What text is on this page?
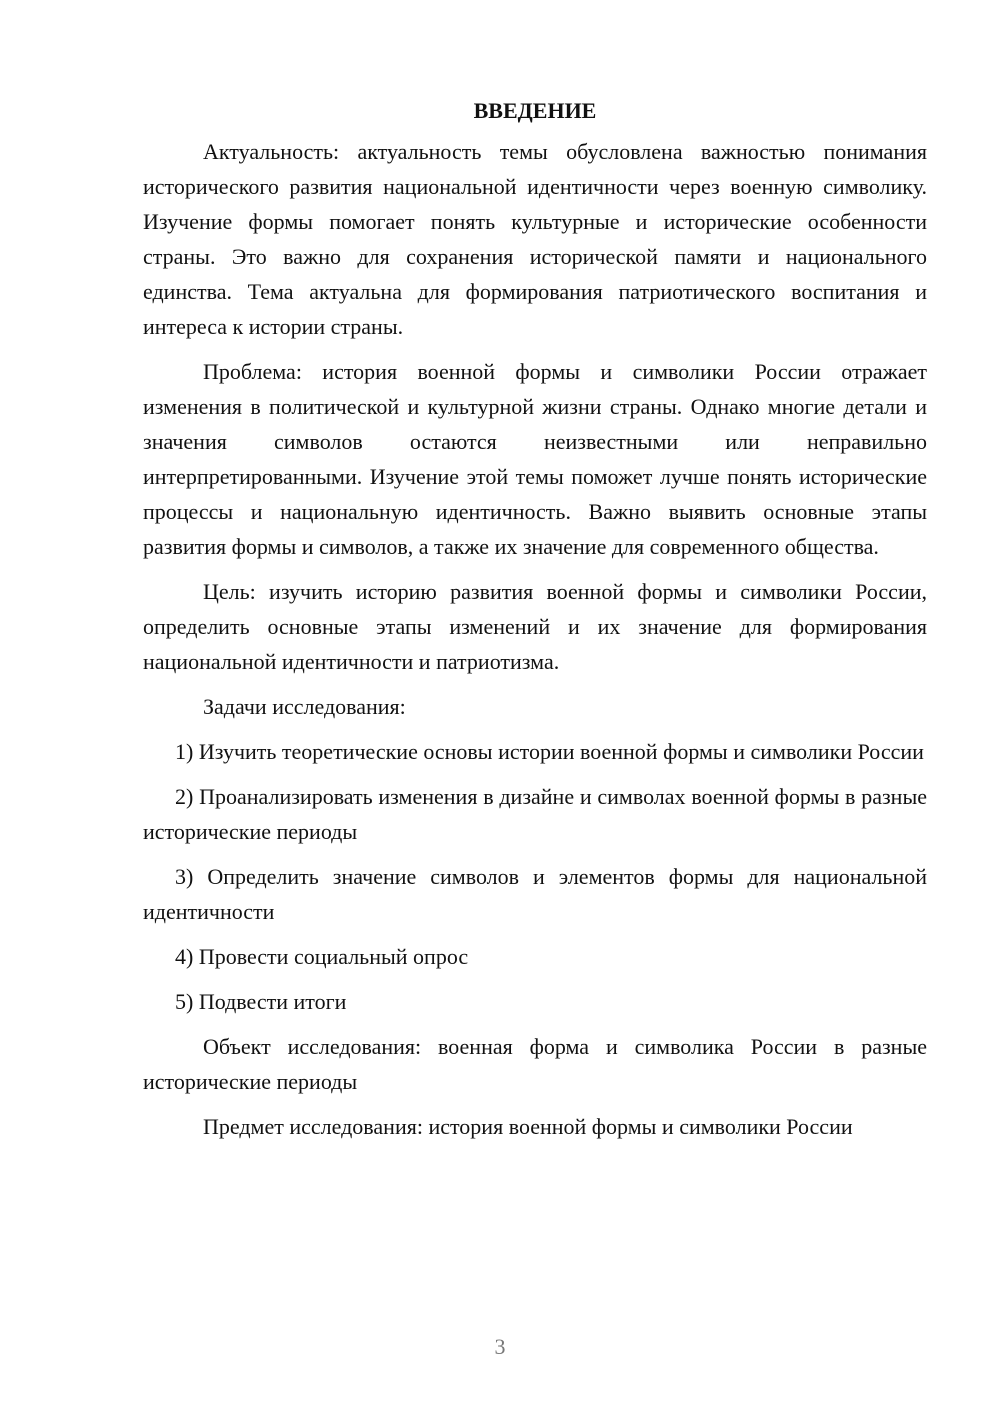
ВВЕДЕНИЕ

Актуальность: актуальность темы обусловлена важностью понимания исторического развития национальной идентичности через военную символику. Изучение формы помогает понять культурные и исторические особенности страны. Это важно для сохранения исторической памяти и национального единства. Тема актуальна для формирования патриотического воспитания и интереса к истории страны.

Проблема: история военной формы и символики России отражает изменения в политической и культурной жизни страны. Однако многие детали и значения символов остаются неизвестными или неправильно интерпретированными. Изучение этой темы поможет лучше понять исторические процессы и национальную идентичность. Важно выявить основные этапы развития формы и символов, а также их значение для современного общества.

Цель: изучить историю развития военной формы и символики России, определить основные этапы изменений и их значение для формирования национальной идентичности и патриотизма.

Задачи исследования:

1) Изучить теоретические основы истории военной формы и символики России

2) Проанализировать изменения в дизайне и символах военной формы в разные исторические периоды

3) Определить значение символов и элементов формы для национальной идентичности

4) Провести социальный опрос

5) Подвести итоги

Объект исследования: военная форма и символика России в разные исторические периоды

Предмет исследования: история военной формы и символики России

3
